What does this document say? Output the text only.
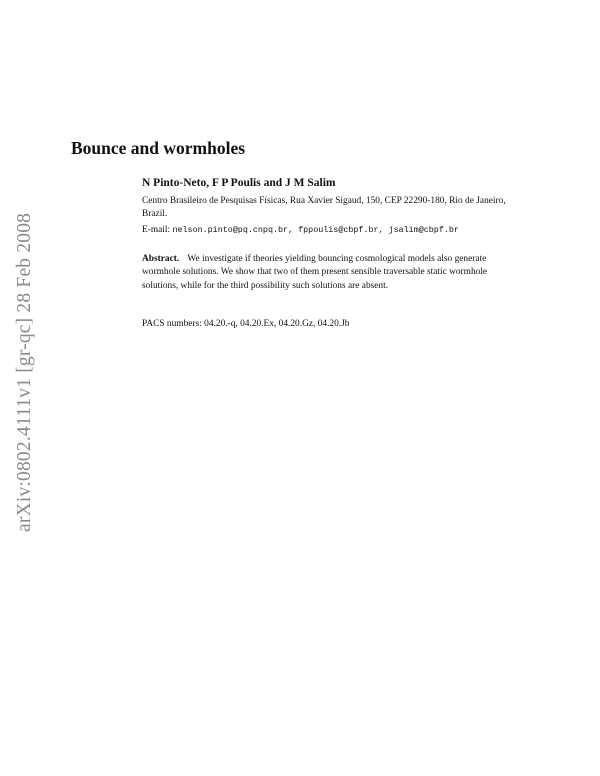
arXiv:0802.4111v1 [gr-qc] 28 Feb 2008
Bounce and wormholes
N Pinto-Neto, F P Poulis and J M Salim
Centro Brasileiro de Pesquisas Físicas, Rua Xavier Sigaud, 150, CEP 22290-180, Rio de Janeiro, Brazil.
E-mail: nelson.pinto@pq.cnpq.br, fppoulis@cbpf.br, jsalim@cbpf.br
Abstract. We investigate if theories yielding bouncing cosmological models also generate wormhole solutions. We show that two of them present sensible traversable static wormhole solutions, while for the third possibility such solutions are absent.
PACS numbers: 04.20.-q, 04.20.Ex, 04.20.Gz, 04.20.Jb
